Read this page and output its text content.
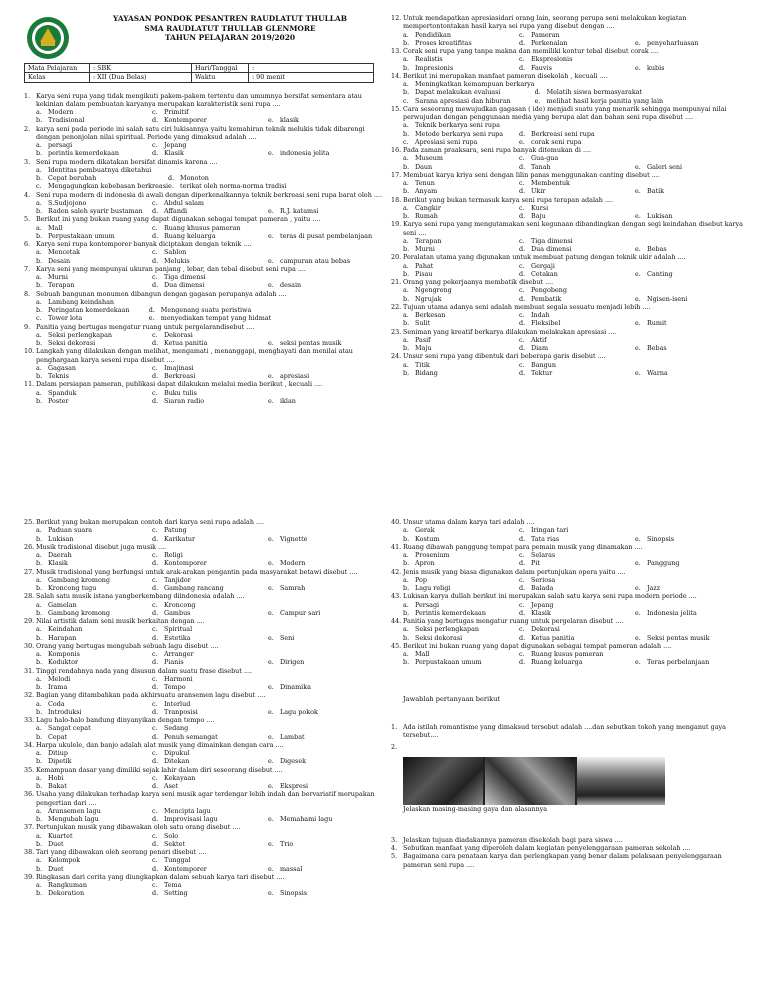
YAYASAN PONDOK PESANTREN RAUDLATUT THULLAB
SMA RAUDLATUT THULLAB GLENMORE
TAHUN PELAJARAN 2019/2020
Mata Pelajaran	: SBK	Hari/Tanggal	:
Kelas	: XII (Dua Belas)	Waktu	: 90 menit
1. Karya seni rupa yang tidak mengikuti pakem-pakem tertentu dan umumnya bersifat sementara atau kekinian dalam pembuatan karyanya merupakan karakteristik seni rupa ....
a. Modern	c. Primitif
b. Tradisional	d. Kontemporer	e. klasik
2. karya seni pada periode ini salah satu ciri lukisannya yaitu kemahiran teknik melukis tidak dibarengi dengan penonjolan nilai spiritual. Periode yang dimaksud adalah ....
a. persagi	c. Jepang
b. perintis kemerdekaan	d. Klasik	e. indonesia jelita
3. Seni rupa modern dikatakan bersifat dinamis karena ....
a. Identitas pembuatnya diketahui
b. Cepat berubah	d. Monoton
c. Mengagungkan kebebasan berkreasi e. terikat oleh norma-norma tradisi
4. Seni rupa modern di indonesia di awali dengan diperkenalkannya teknik berkreasi seni rupa barat oleh ....
a. S.Sudjojono	c. Abdul salam
b. Raden saleh syarir bustaman	d. Affandi	e. R.J. katamsi
5. Berikut ini yang bukan ruang yang dapat digunakan sebagai tempat pameran , yaitu ....
a. Mall	c. Ruang khusus pameran
b. Perpustakaan umum	d. Ruang keluarga	e. teras di pusat pembelanjaan
6. Karya seni rupa kontemporer banyak diciptakan dengan teknik ....
a. Mencetak	c. Sablon
b. Desain	d. Melukis	e. campuran atau bebas
7. Karya seni yang mempunyai ukuran panjang , lebar, dan tebal disebut seni rupa ....
a. Murni	c. Tiga dimensi
b. Terapan	d. Dua dimensi	e. desain
8. Sebuah bangunan monumen dibangun dengan gagasan perupanya adalah ....
a. Lambang keindahan
b. Peringatan kemerdekaan	d. Mengenang suatu peristiwa
c. Tower lota	e. menyediakan tempat yang hidmat
9. Panitia yang bertugas mengatur ruang untuk pergelarandisebut ....
a. Seksi perlengkapan	c. Dekorasi
b. Seksi dekorasi	d. Ketua panitia	e. seksi pentas musik
10. Langkah yang dilakukan dengan melihat, mengamati , menanggapi, menghayati dan menilai atau penghargaan karya seseni rupa disebut ....
a. Gagasan	c. Imajinasi
b. Teknis	d. Berkreasi	e. apresiasi
11. Dalam persiapan pameran, publikasi dapat dilakukan melalui media berikut , kecuali ....
a. Spanduk	c. Buku tulis
b. Poster	d. Siaran radio	e. iklan
12. Untuk mendapatkan apresiasidari orang lain, seorang perupa seni melakukan kegiatan mempertontontakan hasil karya sei rupa yang disebut dengan ....
a. Pendidikan	c. Pameran
b. Proses kreatifitas	d. Perkenalan	e. penyeharluasan
13. Corak seni rupa yang tanpa makna dan memiliki kontur tebal disebut corak ....
a. Realistis	c. Ekspresionis
b. Impresionis	d. Fauvis	e. kubis
14. Berikut ini merupakan manfaat pameran disekolah , kecuali ....
a. Meningkatkan kemampuan berkarya
b. Dapat melakukan evaluasi	d. Melatih siswa bermasyarakat
c. Sarana apresiasi dan hiburan	e. melihat hasil kerja panitia yang lain
15. Cara seseorang mewujudkan gagasan ( ide) menjadi suatu yang menarik sehingga mempunyai nilai perwujudan dengan penggunaan media yang berupa alat dan bahan seni rupa disebut ....
a. Teknik berkarya seni rupa
b. Metode berkarya seni rupa	d. Berkreasi seni rupa
c. Apresiasi seni rupa	e. corak seni rupa
16. Pada zaman praaksara, seni rupa banyak ditemukan di ....
a. Museum	c. Gua-gua
b. Daun	d. Tanah	e. Galeri seni
17. Membuat karya kriya seni dengan lilin panas menggunakan canting disebut ....
a. Tenun	c. Membentuk
b. Anyam	d. Ukir	e. Batik
18. Berikut yang bukan termasuk karya seni rupa terapan adalah ....
a. Cangkir	c. Kursi
b. Rumah	d. Baju	e. Lukisan
19. Karya seni rupa yang mengutamakan seni kegunaan dibandingkan dengan segi keindahan disebut karya seni ....
a. Terapan	c. Tiga dimensi
b. Murni	d. Dua dimensi	e. Bebas
20. Peralatan utama yang digunakan untuk membuat patung dengan teknik ukir adalah ....
a. Pahat	c. Gergaji
b. Pisau	d. Cetakan	e. Canting
21. Orang yang pekerjaanya membatik disebut ....
a. Ngengreng	c. Pengobeng
b. Ngrujak	d. Pembatik	e. Ngisen-iseni
22. Tujuan utama adanya seni adalah membuat segala sesuatu menjadi lebih ....
a. Berkesan	c. Indah
b. Sulit	d. Fleksibel	e. Rumit
23. Seniman yang kreatif berkarya dilakukan melakukan apresiasi ....
a. Pasif	c. Aktif
b. Maju	d. Diam	e. Bebas
24. Unsur seni rupa yang dibentuk dari beberapa garis disebut ....
a. Titik	c. Bangun
b. Bidang	d. Tektur	e. Warna
25. Berikut yang bukan merupakan contoh dari karya seni rupa adalah ....
a. Paduan suara	c. Patung
b. Lukisan	d. Karikatur	e. Vignette
26. Musik tradisional disebut juga musik ....
a. Daerah	c. Religi
b. Klasik	d. Kontemporer	e. Modern
27. Musik tradisional yang berfungsi untuk arak-arakan pengantin pada masyarakat betawi disebut ....
a. Gambang kromong	c. Tanjidor
b. Kroncong tugu	d. Gambang rancang	e. Samrah
28. Salah satu musik istana yangberkembang diindonesia adalah ....
a. Gamelan	c. Kroncong
b. Gambang kromong	d. Gambus	e. Campur sari
29. Nilai artistik dalam seni musik berkaitan dengan ....
a. Keindahan	c. Spiritual
b. Harapan	d. Estetika	e. Seni
30. Orang yang bertugas mengubah sebuah lagu disebut ....
a. Komponis	c. Arranger
b. Koduktor	d. Pianis	e. Dirigen
31. Tinggi rendahnya nada yang disusun dalam suatu frase disebut ....
a. Melodi	c. Harmoni
b. Irama	d. Tempo	e. Dinamika
32. Bagian yang ditambahkan pada akhirsuatu aransemen lagu disebut ....
a. Coda	c. Interlud
b. Introduksi	d. Tranposisi	e. Lagu pokok
33. Lagu halo-halo bandung dinyanyikan dengan tempo ....
a. Sangat cepat	c. Sedang
b. Cepat	d. Penuh semangat	e. Lambat
34. Harpa ukulele, dan banjo adalah alat musik yang dimainkan dengan cara ....
a. Ditiup	c. Dipukul
b. Dipetik	d. Ditekan	e. Digesek
35. Kemampuan dasar yang dimiliki sejak lahir dalam diri seseorang disebut ....
a. Hobi	c. Kekayaan
b. Bakat	d. Aset	e. Ekspresi
36. Usaha yang dilakukan terhadap karya seni musik agar terdengar lebih indah dan bervariatif merupakan pengertian dari ....
a. Aransemen lagu	c. Mencipta lagu
b. Mengubah lagu	d. Improvisasi lagu	e. Memahami lagu
37. Pertunjukan musik yang dibawakan oleh satu orang disebut ....
a. Kuartet	c. Solo
b. Duet	d. Sektet	e. Trio
38. Tari yang dibawakan oleh seorang penari disebut ....
a. Kelompok	c. Tunggal
b. Duet	d. Kontemporer	e. massal
39. Ringkasan dari cerita yang diungkapkan dalam sebuah karya tari disebut ....
a. Rangkuman	c. Tema
b. Dekoration	d. Setting	e. Sinopsis
40. Unsur utama dalam karya tari adalah ....
a. Gerak	c. Iringan tari
b. Kostum	d. Tata rias	e. Sinopsis
41. Ruang dibawah panggung tempat para pemain musik yang dinamakan ....
a. Prosenium	c. Selaras
b. Apron	d. Pit	e. Panggung
42. Jenis musik yang biasa digunakan dalam pertunjukan opera yaitu ....
a. Pop	c. Seriosa
b. Lagu religi	d. Balada	e. Jazz
43. Lukisan karya dullah berikut ini merupakan salah satu karya seni rupa modern periode ....
a. Persagi	c. Jepang
b. Perintis kemerdekaan	d. Klasik	e. Indonesia jelita
44. Panitia yang bertugas mengatur ruang untuk pergelaran disebut ....
a. Seksi perlengkapan	c. Dekorasi
b. Seksi dekorasi	d. Ketua panitia	e. Seksi pentas musik
45. Berikut ini bukan ruang yang dapat digunakan sebagai tempat pameran adalah ....
a. Mall	c. Ruang kusus pameran
b. Perpustakaan umum	d. Ruang keluarga	e. Teras perbelanjaan
Jawablah pertanyaan berikut
1. Ada istilah romantisme yang dimaksud tersebut adalah ....dan sebutkan tokoh yang menganut gaya tersebut....
2.
Jelaskan masing-masing gaya dan alasannya
3. Jelaskan tujuan diadakannya pameran disekolah bagi para siswa ....
4. Sebutkan manfaat yang diperoleh dalam kegiatan penyelenggaraan pameran sekolah ....
5. Bagaimana cara penataan karya dan perlengkapan yang benar dalam pelaksaan penyelenggaraan pameran seni rupa ....
